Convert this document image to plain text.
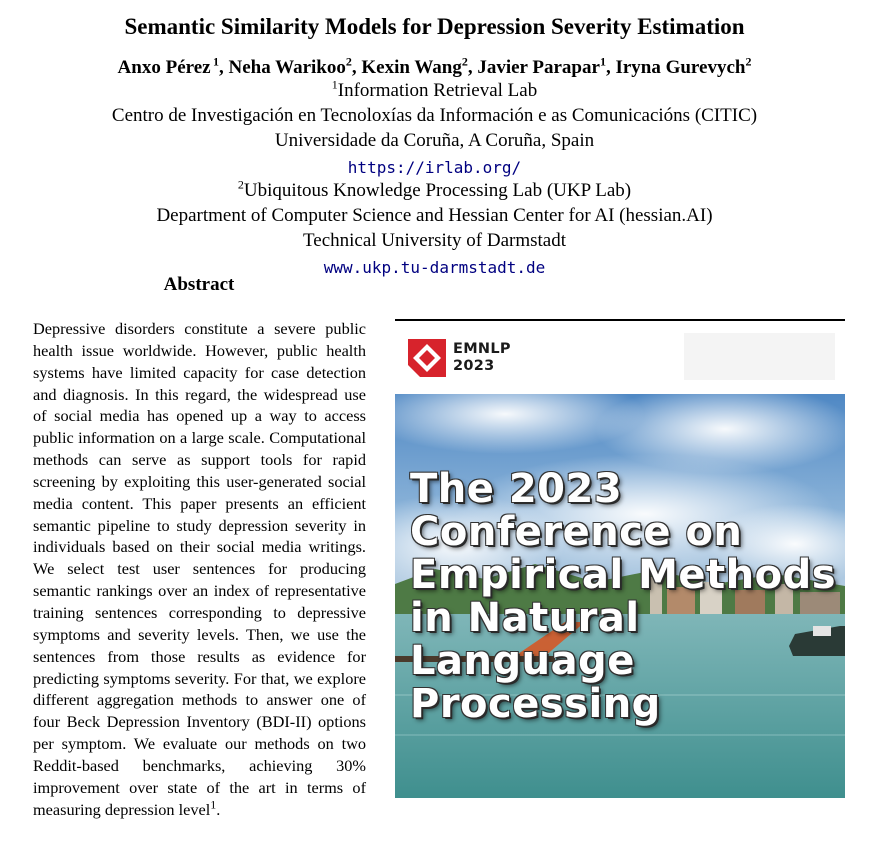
Semantic Similarity Models for Depression Severity Estimation
Anxo Pérez $^1$, Neha Warikoo$^2$, Kexin Wang$^2$, Javier Parapar$^1$, Iryna Gurevych$^2$
$^1$Information Retrieval Lab
Centro de Investigación en Tecnoloxías da Información e as Comunicacións (CITIC)
Universidade da Coruña, A Coruña, Spain
https://irlab.org/
$^2$Ubiquitous Knowledge Processing Lab (UKP Lab)
Department of Computer Science and Hessian Center for AI (hessian.AI)
Technical University of Darmstadt
www.ukp.tu-darmstadt.de
Abstract
Depressive disorders constitute a severe public health issue worldwide. However, public health systems have limited capacity for case detection and diagnosis. In this regard, the widespread use of social media has opened up a way to access public information on a large scale. Computational methods can serve as support tools for rapid screening by exploiting this user-generated social media content. This paper presents an efficient semantic pipeline to study depression severity in individuals based on their social media writings. We select test user sentences for producing semantic rankings over an index of representative training sentences corresponding to depressive symptoms and severity levels. Then, we use the sentences from those results as evidence for predicting symptoms severity. For that, we explore different aggregation methods to answer one of four Beck Depression Inventory (BDI-II) options per symptom. We evaluate our methods on two Reddit-based benchmarks, achieving 30% improvement over state of the art in terms of measuring depression level$^1$.
EMNLP
2023
The 2023
Conference on
Empirical Methods
in Natural
Language
Processing
